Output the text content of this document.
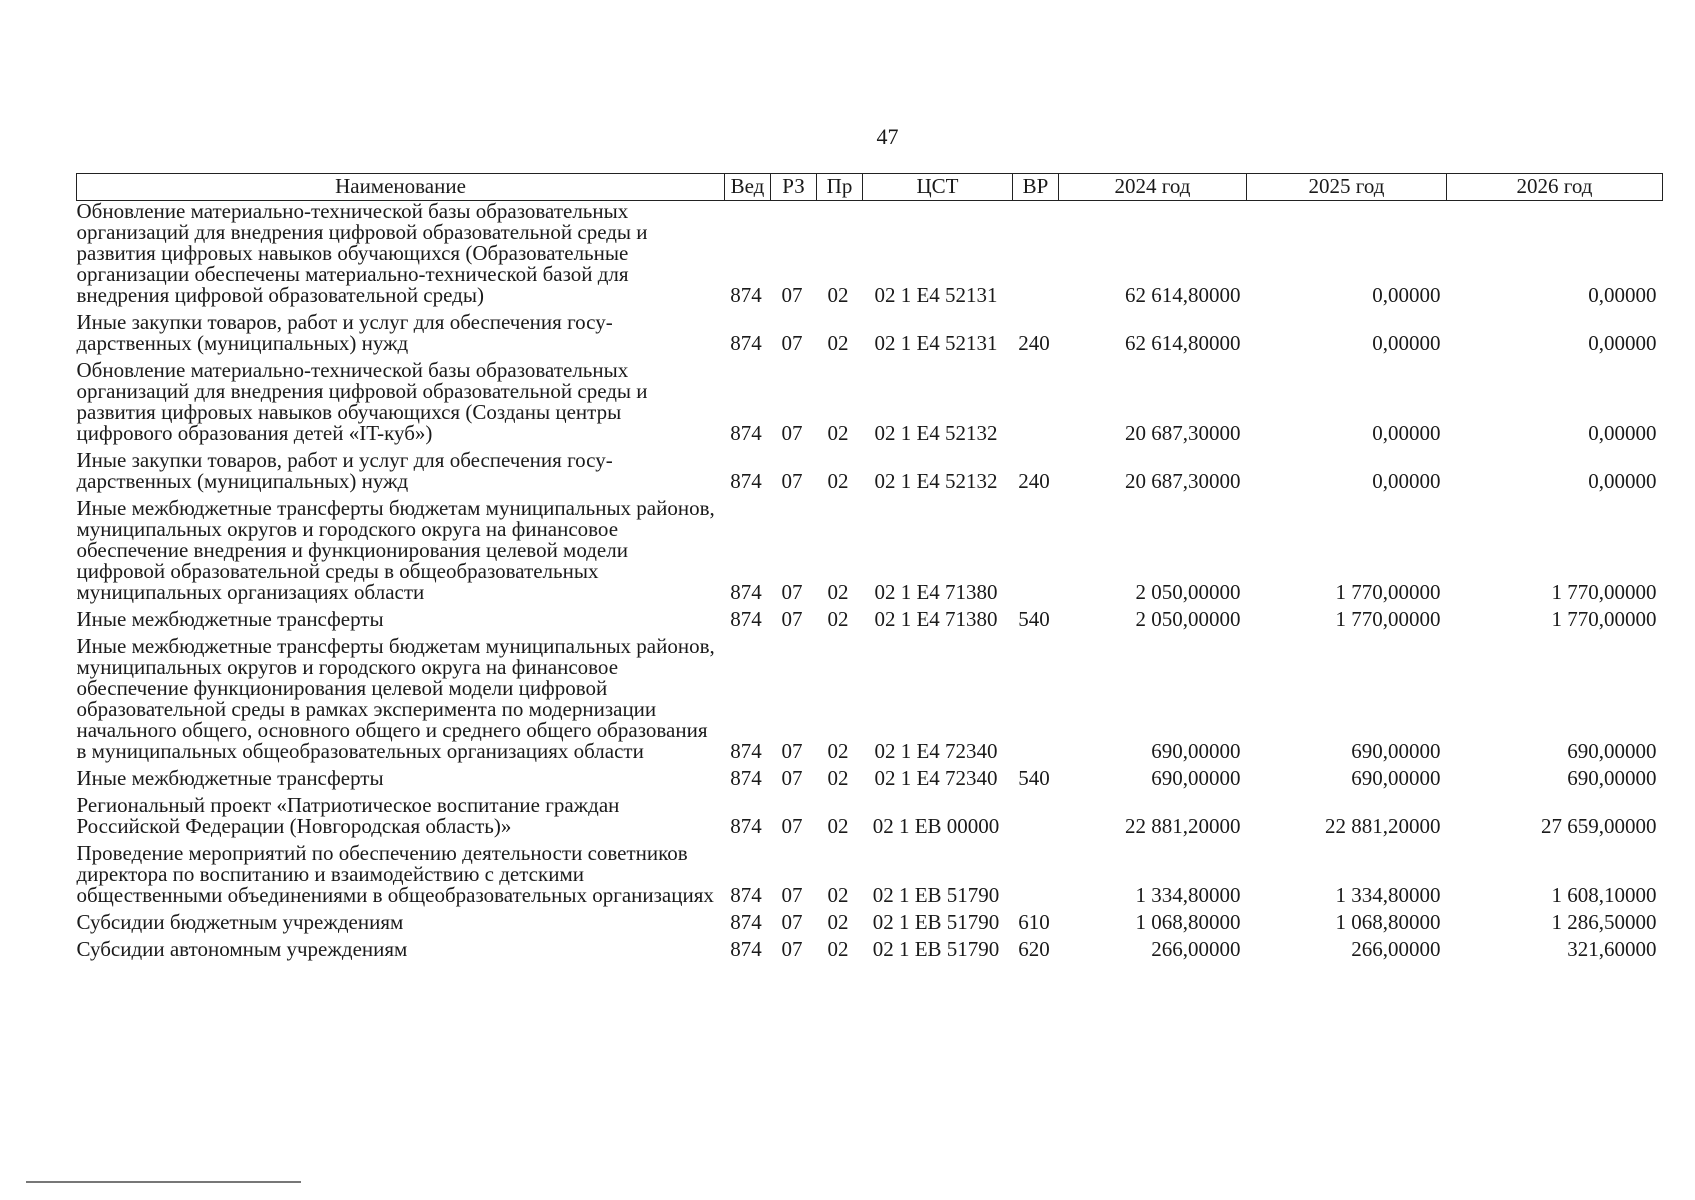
47
Наименование	Вед	РЗ	Пр	ЦСТ	ВР	2024 год	2025 год	2026 год
Обновление материально-технической базы образовательных организаций для внедрения цифровой образовательной среды и развития цифровых навыков обучающихся (Образовательные организации обеспечены материально-технической базой для внедрения цифровой образовательной среды)	874	07	02	02 1 Е4 52131		62 614,80000	0,00000	0,00000
Иные закупки товаров, работ и услуг для обеспечения государственных (муниципальных) нужд	874	07	02	02 1 Е4 52131	240	62 614,80000	0,00000	0,00000
Обновление материально-технической базы образовательных организаций для внедрения цифровой образовательной среды и развития цифровых навыков обучающихся (Созданы центры цифрового образования детей «IT-куб»)	874	07	02	02 1 Е4 52132		20 687,30000	0,00000	0,00000
Иные закупки товаров, работ и услуг для обеспечения государственных (муниципальных) нужд	874	07	02	02 1 Е4 52132	240	20 687,30000	0,00000	0,00000
Иные межбюджетные трансферты бюджетам муниципальных районов, муниципальных округов и городского округа на финансовое обеспечение внедрения и функционирования целевой модели цифровой образовательной среды в общеобразовательных муниципальных организациях области	874	07	02	02 1 Е4 71380		2 050,00000	1 770,00000	1 770,00000
Иные межбюджетные трансферты	874	07	02	02 1 Е4 71380	540	2 050,00000	1 770,00000	1 770,00000
Иные межбюджетные трансферты бюджетам муниципальных районов, муниципальных округов и городского округа на финансовое обеспечение функционирования целевой модели цифровой образовательной среды в рамках эксперимента по модернизации начального общего, основного общего и среднего общего образования в муниципальных общеобразовательных организациях области	874	07	02	02 1 Е4 72340		690,00000	690,00000	690,00000
Иные межбюджетные трансферты	874	07	02	02 1 Е4 72340	540	690,00000	690,00000	690,00000
Региональный проект «Патриотическое воспитание граждан Российской Федерации (Новгородская область)»	874	07	02	02 1 ЕВ 00000		22 881,20000	22 881,20000	27 659,00000
Проведение мероприятий по обеспечению деятельности советников директора по воспитанию и взаимодействию с детскими общественными объединениями в общеобразовательных организациях	874	07	02	02 1 ЕВ 51790		1 334,80000	1 334,80000	1 608,10000
Субсидии бюджетным учреждениям	874	07	02	02 1 ЕВ 51790	610	1 068,80000	1 068,80000	1 286,50000
Субсидии автономным учреждениям	874	07	02	02 1 ЕВ 51790	620	266,00000	266,00000	321,60000
